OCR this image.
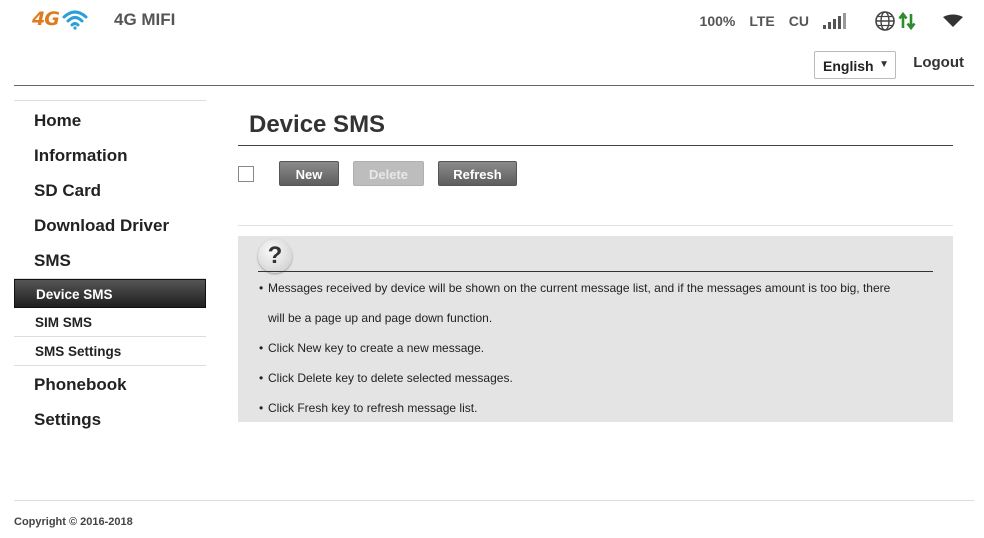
4G	4G MIFI	100% LTE CU
English ▼ Logout
Home
Information
SD Card
Download Driver
SMS
Device SMS
SIM SMS
SMS Settings
Phonebook
Settings
Device SMS
New	Delete	Refresh
?
• Messages received by device will be shown on the current message list, and if the messages amount is too big, there
will be a page up and page down function.
• Click New key to create a new message.
• Click Delete key to delete selected messages.
• Click Fresh key to refresh message list.
Copyright © 2016-2018
